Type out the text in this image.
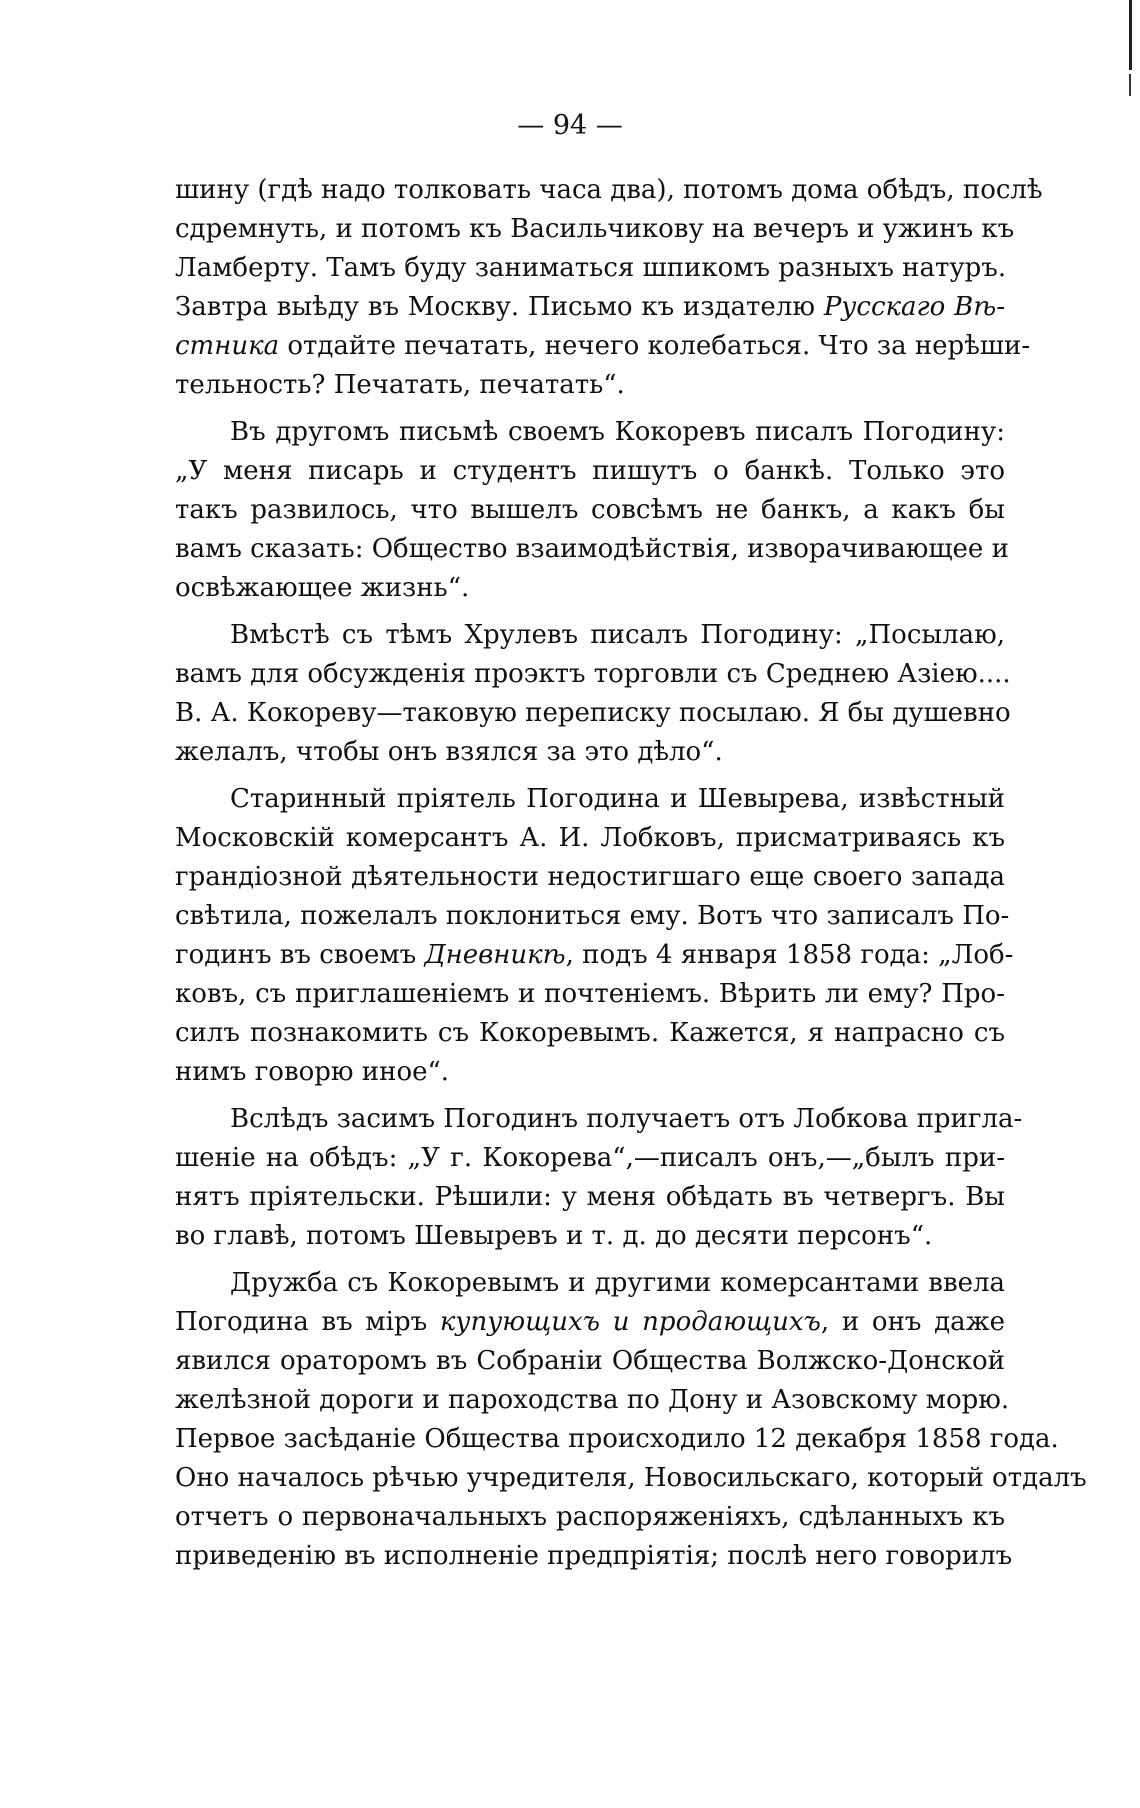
— 94 —
шину (гдѣ надо толковать часа два), потомъ дома обѣдъ, послѣ
сдремнуть, и потомъ къ Васильчикову на вечеръ и ужинъ къ
Ламберту. Тамъ буду заниматься шпикомъ разныхъ натуръ.
Завтра выѣду въ Москву. Письмо къ издателю Русскаго Вѣ-
стника отдайте печатать, нечего колебаться. Что за нерѣши-
тельность? Печатать, печатать“.
Въ другомъ письмѣ своемъ Кокоревъ писалъ Погодину:
„У меня писарь и студентъ пишутъ о банкѣ. Только это
такъ развилось, что вышелъ совсѣмъ не банкъ, а какъ бы
вамъ сказать: Общество взаимодѣйствія, изворачивающее и
освѣжающее жизнь“.
Вмѣстѣ съ тѣмъ Хрулевъ писалъ Погодину: „Посылаю,
вамъ для обсужденія проэктъ торговли съ Среднею Азіею....
В. А. Кокореву—таковую переписку посылаю. Я бы душевно
желалъ, чтобы онъ взялся за это дѣло“.
Старинный пріятель Погодина и Шевырева, извѣстный
Московскій комерсантъ А. И. Лобковъ, присматриваясь къ
грандіозной дѣятельности недостигшаго еще своего запада
свѣтила, пожелалъ поклониться ему. Вотъ что записалъ По-
годинъ въ своемъ Дневникѣ, подъ 4 января 1858 года: „Лоб-
ковъ, съ приглашеніемъ и почтеніемъ. Вѣрить ли ему? Про-
силъ познакомить съ Кокоревымъ. Кажется, я напрасно съ
нимъ говорю иное“.
Вслѣдъ засимъ Погодинъ получаетъ отъ Лобкова пригла-
шеніе на обѣдъ: „У г. Кокорева“,—писалъ онъ,—„былъ при-
нятъ пріятельски. Рѣшили: у меня обѣдать въ четвергъ. Вы
во главѣ, потомъ Шевыревъ и т. д. до десяти персонъ“.
Дружба съ Кокоревымъ и другими комерсантами ввела
Погодина въ міръ купующихъ и продающихъ, и онъ даже
явился ораторомъ въ Собраніи Общества Волжско-Донской
желѣзной дороги и пароходства по Дону и Азовскому морю.
Первое засѣданіе Общества происходило 12 декабря 1858 года.
Оно началось рѣчью учредителя, Новосильскаго, который отдалъ
отчетъ о первоначальныхъ распоряженіяхъ, сдѣланныхъ къ
приведенію въ исполненіе предпріятія; послѣ него говорилъ
